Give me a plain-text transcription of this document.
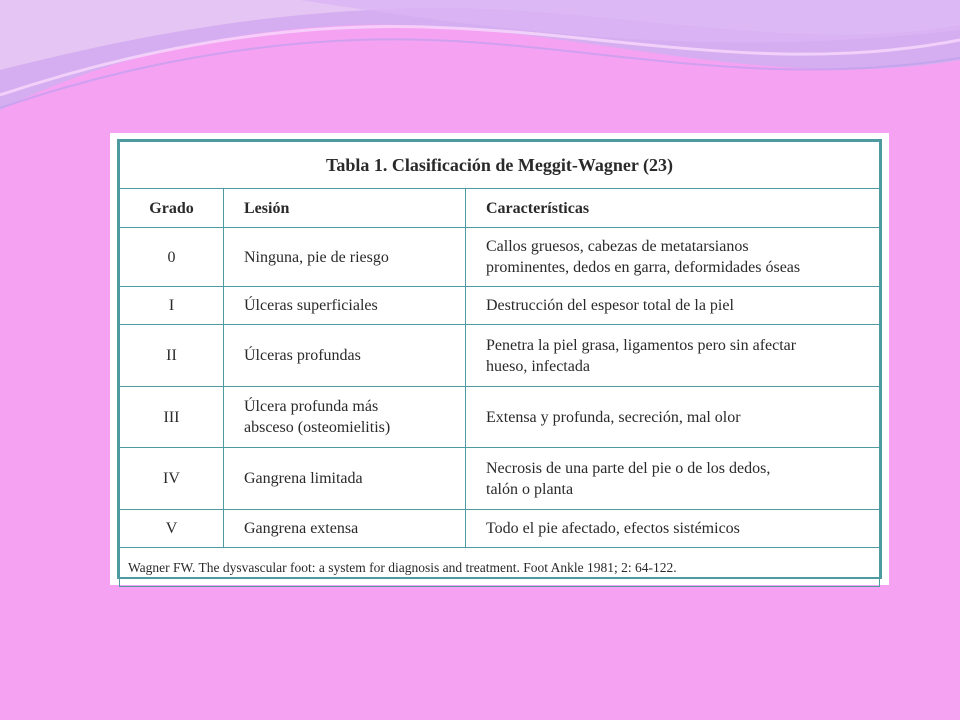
Tabla 1. Clasificación de Meggit-Wagner (23)		
Grado	Lesión	Características
0	Ninguna, pie de riesgo	Callos gruesos, cabezas de metatarsianos
prominentes, dedos en garra, deformidades óseas
I	Úlceras superficiales	Destrucción del espesor total de la piel
II	Úlceras profundas	Penetra la piel grasa, ligamentos pero sin afectar
hueso, infectada
III	Úlcera profunda más
absceso (osteomielitis)	Extensa y profunda, secreción, mal olor
IV	Gangrena limitada	Necrosis de una parte del pie o de los dedos,
talón o planta
V	Gangrena extensa	Todo el pie afectado, efectos sistémicos
Wagner FW. The dysvascular foot: a system for diagnosis and treatment. Foot Ankle 1981; 2: 64-122.		
